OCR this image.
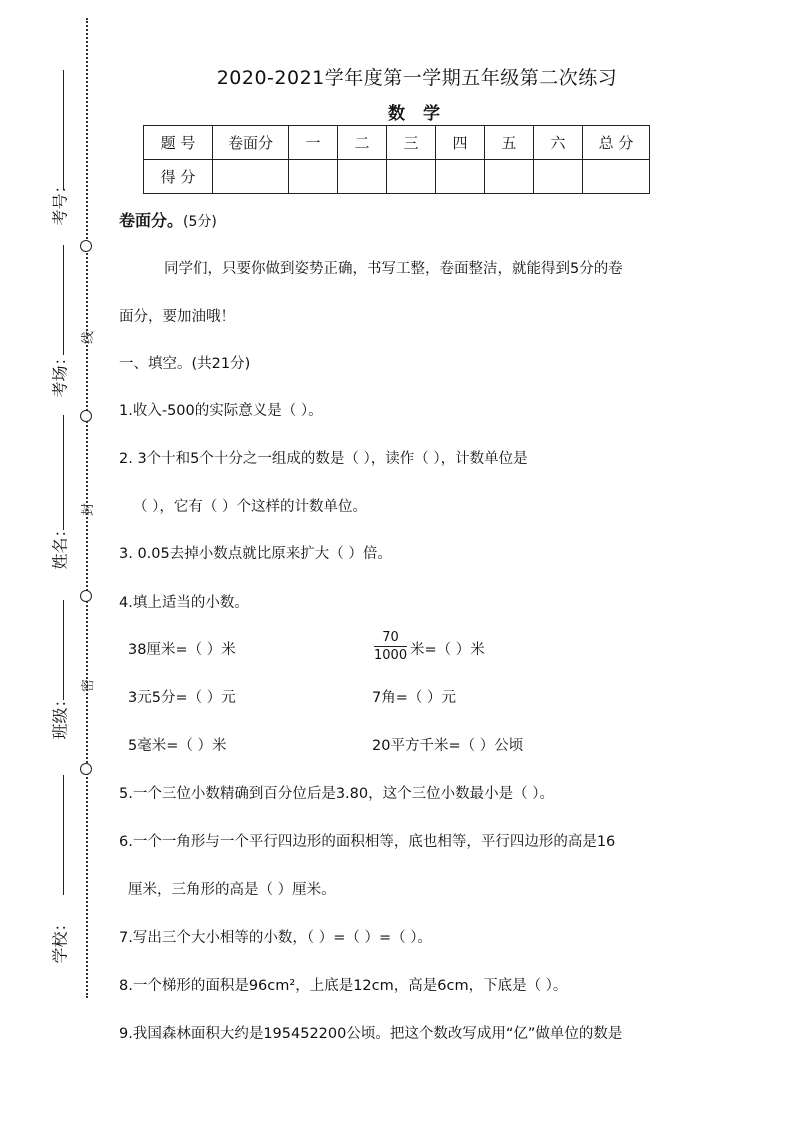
线
封
密
考号：
考场：
姓名：
班级：
学校：
2020-2021学年度第一学期五年级第二次练习
数 学
题 号	卷面分	一	二	三	四	五	六	总 分
得 分								
卷面分。(5分)
同学们，只要你做到姿势正确，书写工整，卷面整洁，就能得到5分的卷
面分，要加油哦！
一、填空。(共21分)
1.收入-500的实际意义是（ ）。
2. 3个十和5个十分之一组成的数是（ ），读作（ ），计数单位是
（ ），它有（ ）个这样的计数单位。
3. 0.05去掉小数点就比原来扩大（ ）倍。
4.填上适当的小数。
38厘米=（ ）米	$\frac{70}{1000}$ 米=（ ）米
3元5分=（ ）元	7角=（ ）元
5毫米=（ ）米	20平方千米=（ ）公顷
5.一个三位小数精确到百分位后是3.80，这个三位小数最小是（ ）。
6.一个一角形与一个平行四边形的面积相等，底也相等，平行四边形的高是16
厘米，三角形的高是（ ）厘米。
7.写出三个大小相等的小数，（ ）=（ ）=（ ）。
8.一个梯形的面积是96cm²，上底是12cm，高是6cm，下底是（ ）。
9.我国森林面积大约是195452200公顷。把这个数改写成用“亿”做单位的数是
